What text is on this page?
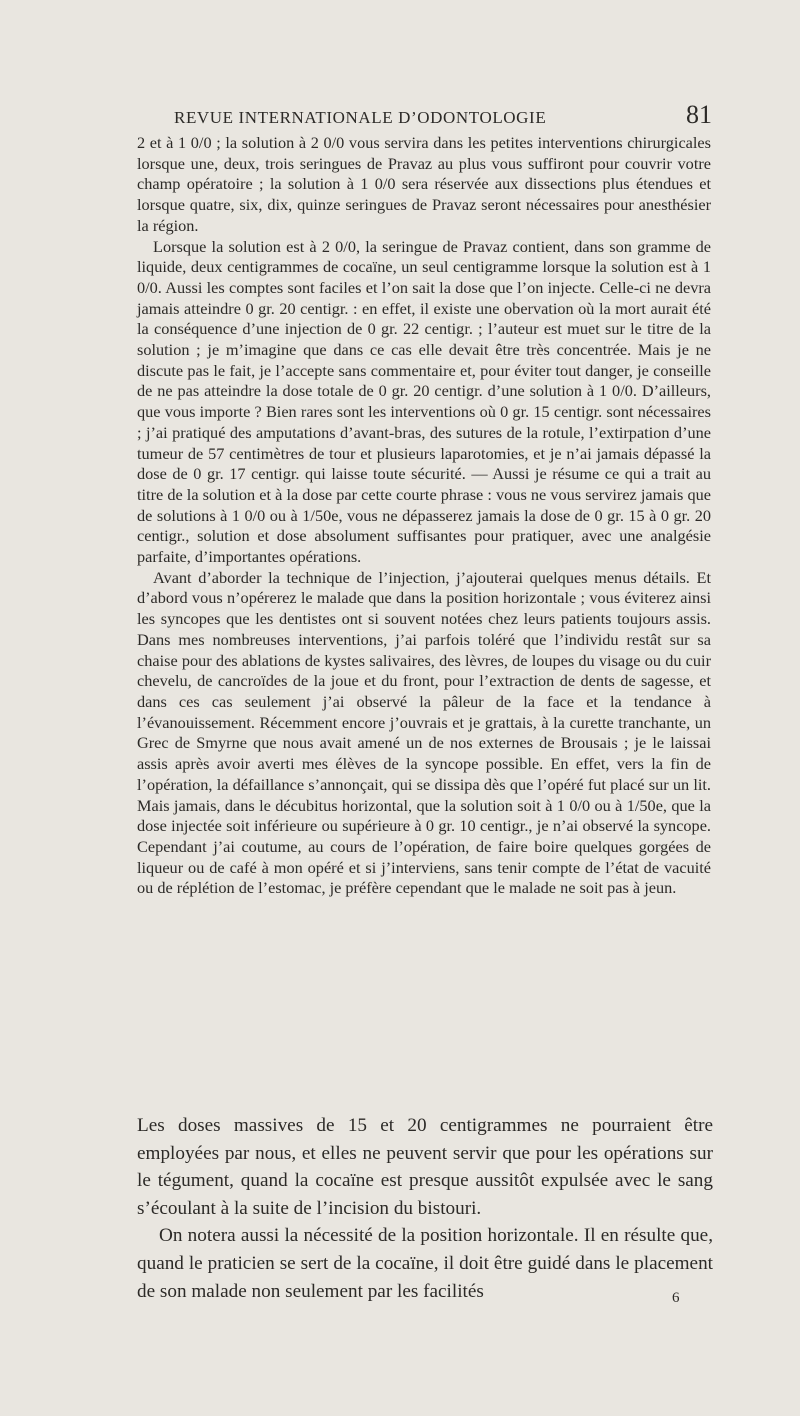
REVUE INTERNATIONALE D’ODONTOLOGIE	81

2 et à 1 0/0 ; la solution à 2 0/0 vous servira dans les petites interventions chirurgicales lorsque une, deux, trois seringues de Pravaz au plus vous suffiront pour couvrir votre champ opératoire ; la solution à 1 0/0 sera réservée aux dissections plus étendues et lorsque quatre, six, dix, quinze seringues de Pravaz seront nécessaires pour anesthésier la région.

Lorsque la solution est à 2 0/0, la seringue de Pravaz contient, dans son gramme de liquide, deux centigrammes de cocaïne, un seul centigramme lorsque la solution est à 1 0/0. Aussi les comptes sont faciles et l’on sait la dose que l’on injecte. Celle-ci ne devra jamais atteindre 0 gr. 20 centigr. : en effet, il existe une obervation où la mort aurait été la conséquence d’une injection de 0 gr. 22 centigr. ; l’auteur est muet sur le titre de la solution ; je m’imagine que dans ce cas elle devait être très concentrée. Mais je ne discute pas le fait, je l’accepte sans commentaire et, pour éviter tout danger, je conseille de ne pas atteindre la dose totale de 0 gr. 20 centigr. d’une solution à 1 0/0. D’ailleurs, que vous importe ? Bien rares sont les interventions où 0 gr. 15 centigr. sont nécessaires ; j’ai pratiqué des amputations d’avant-bras, des sutures de la rotule, l’extirpation d’une tumeur de 57 centimètres de tour et plusieurs laparotomies, et je n’ai jamais dépassé la dose de 0 gr. 17 centigr. qui laisse toute sécurité. — Aussi je résume ce qui a trait au titre de la solution et à la dose par cette courte phrase : vous ne vous servirez jamais que de solutions à 1 0/0 ou à 1/50e, vous ne dépasserez jamais la dose de 0 gr. 15 à 0 gr. 20 centigr., solution et dose absolument suffisantes pour pratiquer, avec une analgésie parfaite, d’importantes opérations.

Avant d’aborder la technique de l’injection, j’ajouterai quelques menus détails. Et d’abord vous n’opérerez le malade que dans la position horizontale ; vous éviterez ainsi les syncopes que les dentistes ont si souvent notées chez leurs patients toujours assis. Dans mes nombreuses interventions, j’ai parfois toléré que l’individu restât sur sa chaise pour des ablations de kystes salivaires, des lèvres, de loupes du visage ou du cuir chevelu, de cancroïdes de la joue et du front, pour l’extraction de dents de sagesse, et dans ces cas seulement j’ai observé la pâleur de la face et la tendance à l’évanouissement. Récemment encore j’ouvrais et je grattais, à la curette tranchante, un Grec de Smyrne que nous avait amené un de nos externes de Brousais ; je le laissai assis après avoir averti mes élèves de la syncope possible. En effet, vers la fin de l’opération, la défaillance s’annonçait, qui se dissipa dès que l’opéré fut placé sur un lit. Mais jamais, dans le décubitus horizontal, que la solution soit à 1 0/0 ou à 1/50e, que la dose injectée soit inférieure ou supérieure à 0 gr. 10 centigr., je n’ai observé la syncope. Cependant j’ai coutume, au cours de l’opération, de faire boire quelques gorgées de liqueur ou de café à mon opéré et si j’interviens, sans tenir compte de l’état de vacuité ou de réplétion de l’estomac, je préfère cependant que le malade ne soit pas à jeun.

Les doses massives de 15 et 20 centigrammes ne pourraient être employées par nous, et elles ne peuvent servir que pour les opérations sur le tégument, quand la cocaïne est presque aussitôt expulsée avec le sang s’écoulant à la suite de l’incision du bistouri.

On notera aussi la nécessité de la position horizontale. Il en résulte que, quand le praticien se sert de la cocaïne, il doit être guidé dans le placement de son malade non seulement par les facilités	6
